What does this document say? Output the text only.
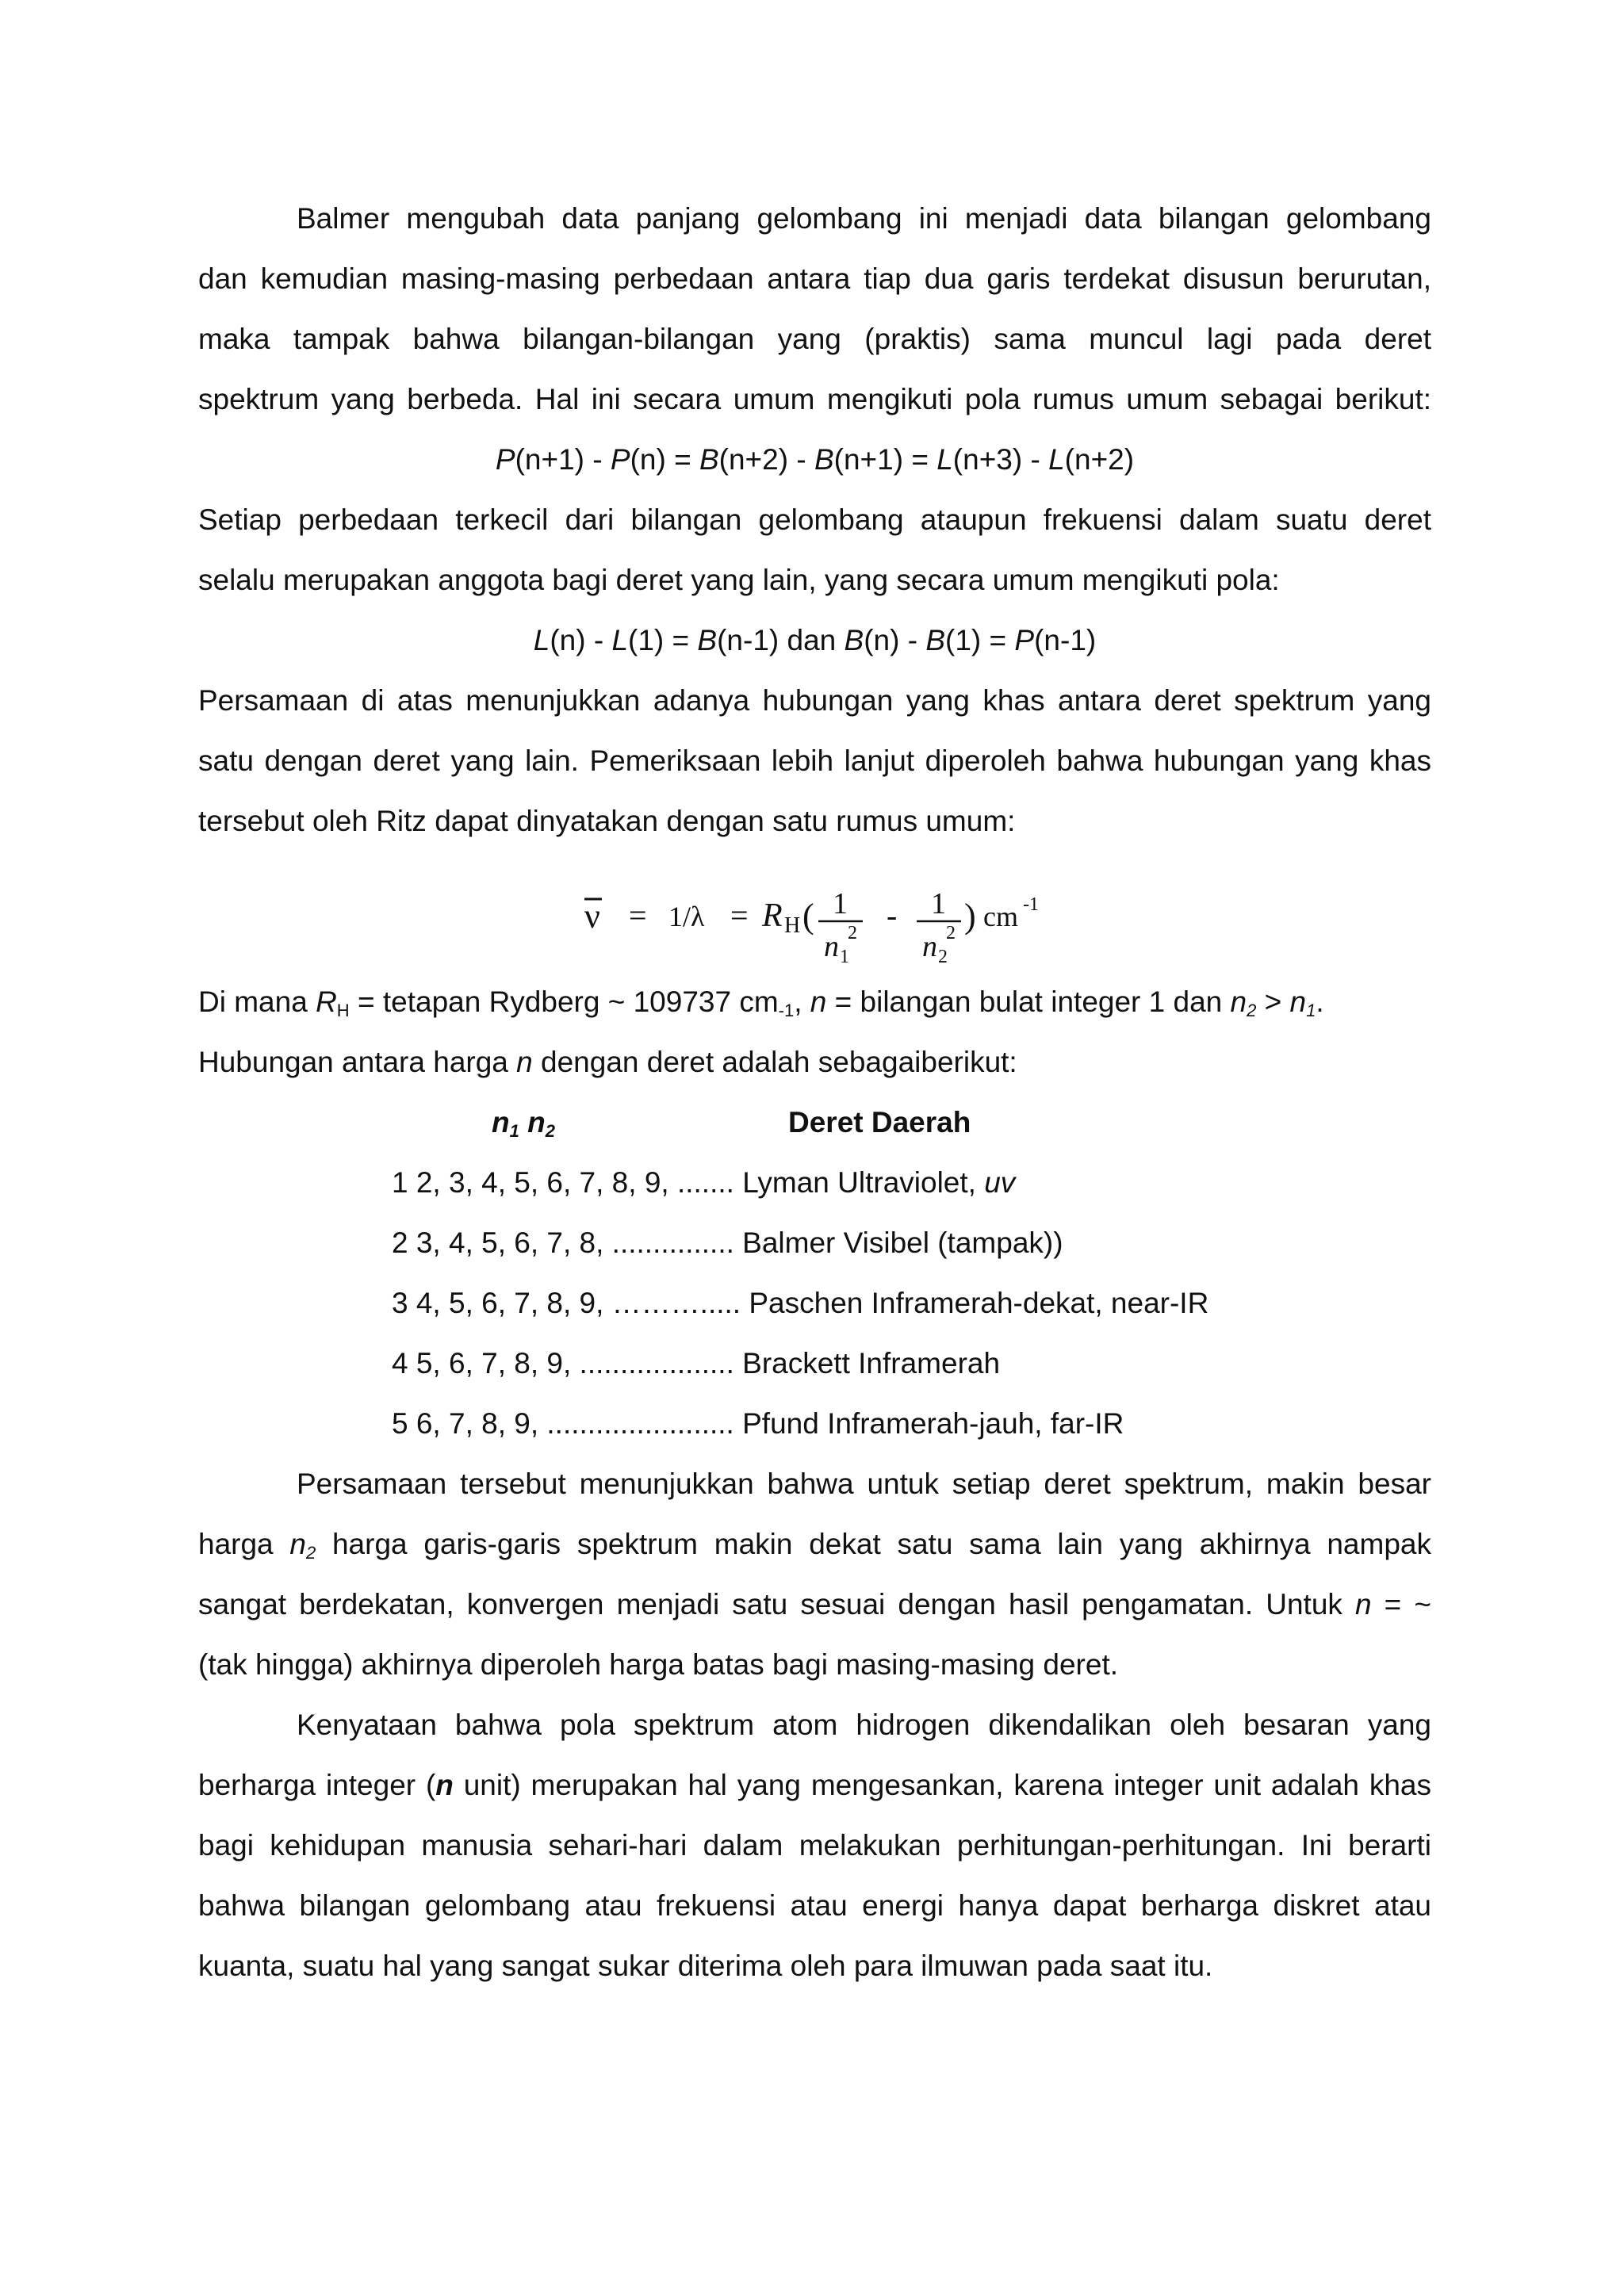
Balmer mengubah data panjang gelombang ini menjadi data bilangan gelombang
dan kemudian masing-masing perbedaan antara tiap dua garis terdekat disusun berurutan,
maka tampak bahwa bilangan-bilangan yang (praktis) sama muncul lagi pada deret
spektrum yang berbeda. Hal ini secara umum mengikuti pola rumus umum sebagai berikut:
P(n+1) - P(n) = B(n+2) - B(n+1) = L(n+3) - L(n+2)
Setiap perbedaan terkecil dari bilangan gelombang ataupun frekuensi dalam suatu deret
selalu merupakan anggota bagi deret yang lain, yang secara umum mengikuti pola:
L(n) - L(1) = B(n-1) dan B(n) - B(1) = P(n-1)
Persamaan di atas menunjukkan adanya hubungan yang khas antara deret spektrum yang
satu dengan deret yang lain. Pemeriksaan lebih lanjut diperoleh bahwa hubungan yang khas
tersebut oleh Ritz dapat dinyatakan dengan satu rumus umum:
ν = 1/λ = R H ( 1
n 1
2 - 1
n 2
2 ) cm -1
Di mana RH = tetapan Rydberg ~ 109737 cm-1, n = bilangan bulat integer 1 dan n2 > n1.
Hubungan antara harga n dengan deret adalah sebagaiberikut:
n1 n2	Deret Daerah
1 2, 3, 4, 5, 6, 7, 8, 9, ....... Lyman Ultraviolet, uv
2 3, 4, 5, 6, 7, 8, ............... Balmer Visibel (tampak))
3 4, 5, 6, 7, 8, 9, ………..... Paschen Inframerah-dekat, near-IR
4 5, 6, 7, 8, 9, ................... Brackett Inframerah
5 6, 7, 8, 9, ....................... Pfund Inframerah-jauh, far-IR
Persamaan tersebut menunjukkan bahwa untuk setiap deret spektrum, makin besar
harga n2 harga garis-garis spektrum makin dekat satu sama lain yang akhirnya nampak
sangat berdekatan, konvergen menjadi satu sesuai dengan hasil pengamatan. Untuk n = ~
(tak hingga) akhirnya diperoleh harga batas bagi masing-masing deret.
Kenyataan bahwa pola spektrum atom hidrogen dikendalikan oleh besaran yang
berharga integer (n unit) merupakan hal yang mengesankan, karena integer unit adalah khas
bagi kehidupan manusia sehari-hari dalam melakukan perhitungan-perhitungan. Ini berarti
bahwa bilangan gelombang atau frekuensi atau energi hanya dapat berharga diskret atau
kuanta, suatu hal yang sangat sukar diterima oleh para ilmuwan pada saat itu.
